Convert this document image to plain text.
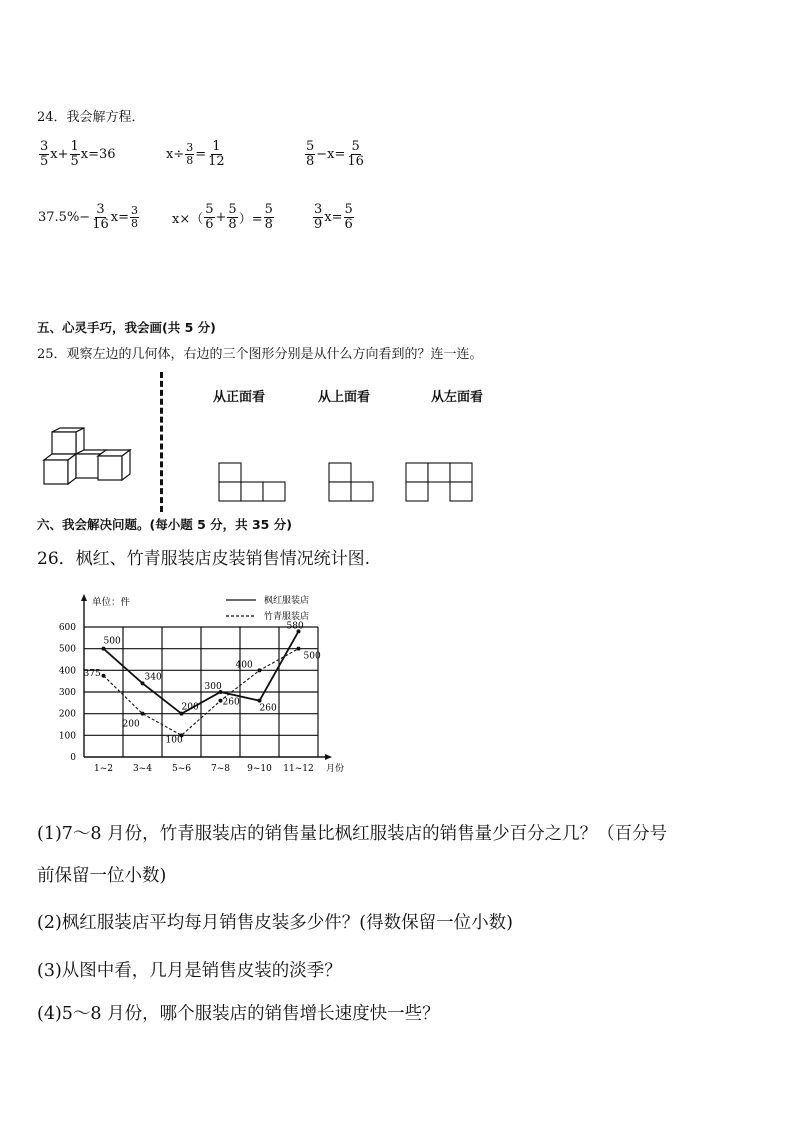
24．我会解方程．
$\frac{3}{5} x+ \frac{1}{5} x=36$	$x\div \frac{3}{8} = \frac{1}{12}$	$\frac{5}{8} -x= \frac{5}{16}$
$37.5\%- \frac{3}{16} x= \frac{3}{8}$	$x\times( \frac{5}{6} + \frac{5}{8}$ ）= $\frac{5}{8}$	$\frac{3}{9} x= \frac{5}{6}$
五、心灵手巧，我会画(共 5 分)
25．观察左边的几何体，右边的三个图形分别是从什么方向看到的？连一连。
从正面看	从上面看	从左面看
六、我会解决问题。(每小题 5 分，共 35 分)
26．枫红、竹青服装店皮装销售情况统计图.
0
100
200
300
400
500
600
1~2 3~4 5~6 7~8 9~10 11~12
500
340
200
300
260
580
375
200
100
260
400
500
单位：件
月份
枫红服装店
竹青服装店
(1)7～8 月份，竹青服装店的销售量比枫红服装店的销售量少百分之几？（百分号
前保留一位小数)
(2)枫红服装店平均每月销售皮装多少件？(得数保留一位小数)
(3)从图中看，几月是销售皮装的淡季？
(4)5～8 月份，哪个服装店的销售增长速度快一些？
